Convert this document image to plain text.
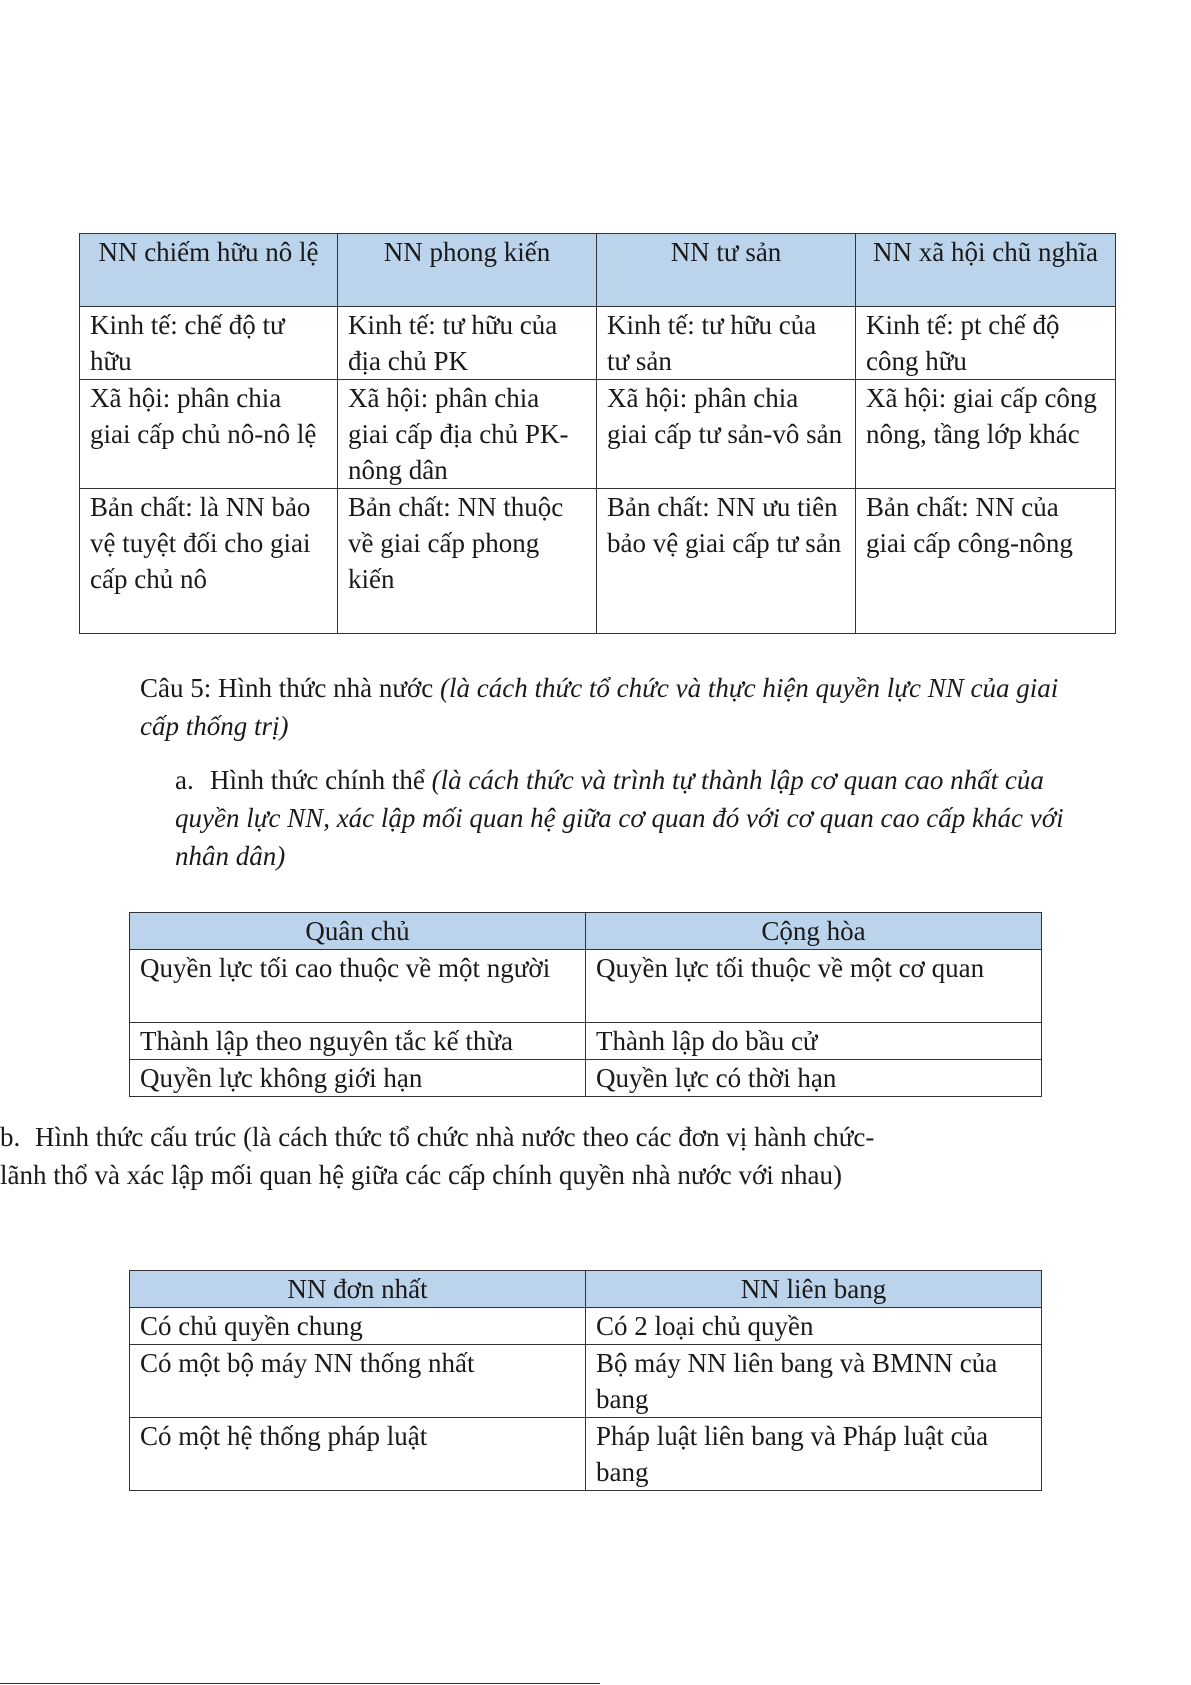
NN chiếm hữu nô lệ	NN phong kiến	NN tư sản	NN xã hội chũ nghĩa
Kinh tế: chế độ tư hữu	Kinh tế: tư hữu của địa chủ PK	Kinh tế: tư hữu của tư sản	Kinh tế: pt chế độ công hữu
Xã hội: phân chia giai cấp chủ nô-nô lệ	Xã hội: phân chia giai cấp địa chủ PK-nông dân	Xã hội: phân chia giai cấp tư sản-vô sản	Xã hội: giai cấp công nông, tầng lớp khác
Bản chất: là NN bảo vệ tuyệt đối cho giai cấp chủ nô	Bản chất: NN thuộc về giai cấp phong kiến	Bản chất: NN ưu tiên bảo vệ giai cấp tư sản	Bản chất: NN của giai cấp công-nông
Câu 5: Hình thức nhà nước (là cách thức tổ chức và thực hiện quyền lực NN của giai cấp thống trị)
a. Hình thức chính thể (là cách thức và trình tự thành lập cơ quan cao nhất của quyền lực NN, xác lập mối quan hệ giữa cơ quan đó với cơ quan cao cấp khác với nhân dân)
Quân chủ	Cộng hòa
Quyền lực tối cao thuộc về một người	Quyền lực tối thuộc về một cơ quan
Thành lập theo nguyên tắc kế thừa	Thành lập do bầu cử
Quyền lực không giới hạn	Quyền lực có thời hạn
b. Hình thức cấu trúc (là cách thức tổ chức nhà nước theo các đơn vị hành chức-lãnh thổ và xác lập mối quan hệ giữa các cấp chính quyền nhà nước với nhau)
NN đơn nhất	NN liên bang
Có chủ quyền chung	Có 2 loại chủ quyền
Có một bộ máy NN thống nhất	Bộ máy NN liên bang và BMNN của bang
Có một hệ thống pháp luật	Pháp luật liên bang và Pháp luật của bang
